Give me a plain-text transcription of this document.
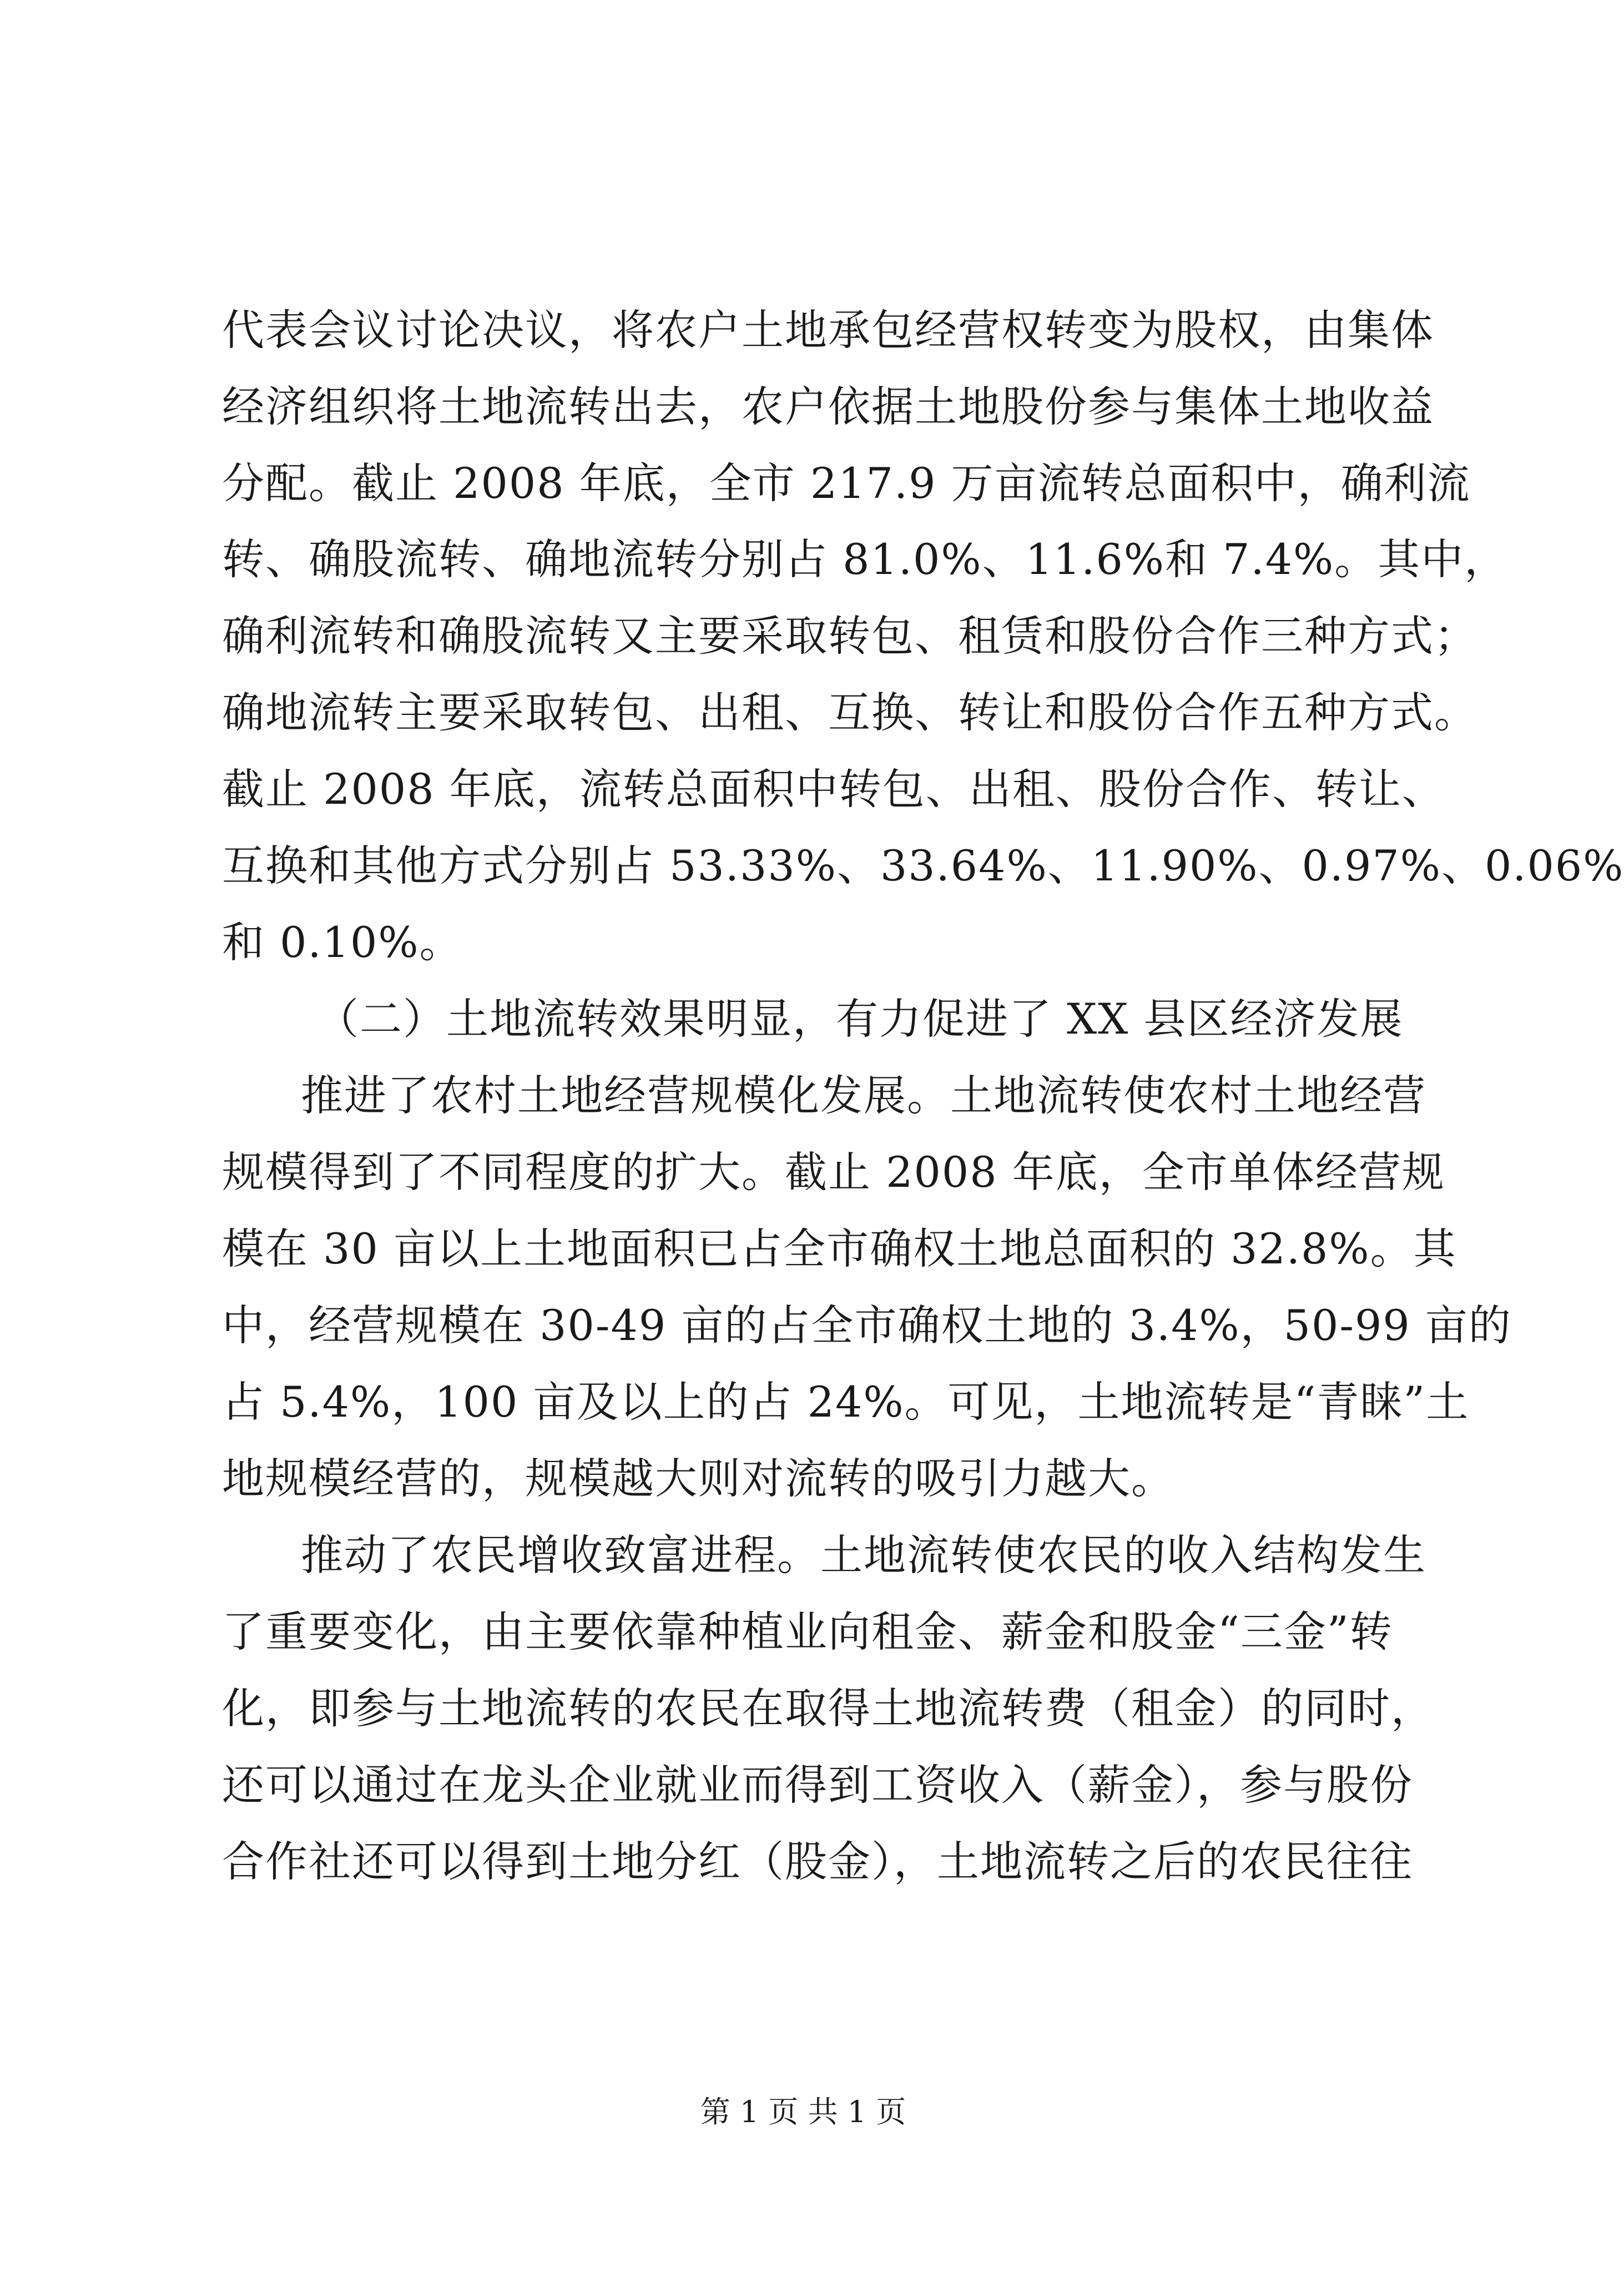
代表会议讨论决议，将农户土地承包经营权转变为股权，由集体
经济组织将土地流转出去，农户依据土地股份参与集体土地收益
分配。截止 2008 年底，全市 217.9 万亩流转总面积中，确利流
转、确股流转、确地流转分别占 81.0%、11.6%和 7.4%。其中，
确利流转和确股流转又主要采取转包、租赁和股份合作三种方式；
确地流转主要采取转包、出租、互换、转让和股份合作五种方式。
截止 2008 年底，流转总面积中转包、出租、股份合作、转让、
互换和其他方式分别占 53.33%、33.64%、11.90%、0.97%、0.06%
和 0.10%。
（二）土地流转效果明显，有力促进了 XX 县区经济发展
推进了农村土地经营规模化发展。土地流转使农村土地经营
规模得到了不同程度的扩大。截止 2008 年底，全市单体经营规
模在 30 亩以上土地面积已占全市确权土地总面积的 32.8%。其
中，经营规模在 30-49 亩的占全市确权土地的 3.4%，50-99 亩的
占 5.4%，100 亩及以上的占 24%。可见，土地流转是“青睐”土
地规模经营的，规模越大则对流转的吸引力越大。
推动了农民增收致富进程。土地流转使农民的收入结构发生
了重要变化，由主要依靠种植业向租金、薪金和股金“三金”转
化，即参与土地流转的农民在取得土地流转费（租金）的同时，
还可以通过在龙头企业就业而得到工资收入（薪金），参与股份
合作社还可以得到土地分红（股金），土地流转之后的农民往往
第 1 页 共 1 页
